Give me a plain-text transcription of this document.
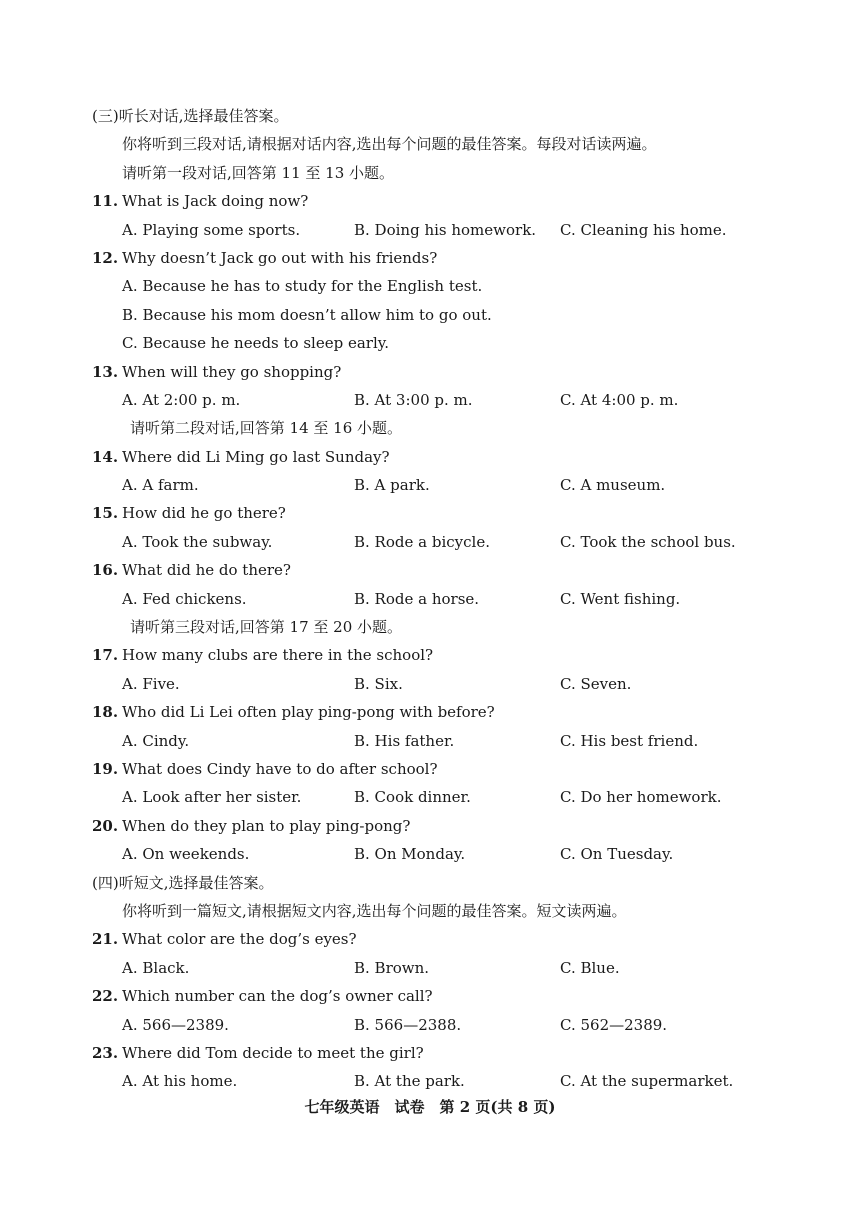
(三)听长对话,选择最佳答案。
你将听到三段对话,请根据对话内容,选出每个问题的最佳答案。每段对话读两遍。
请听第一段对话,回答第 11 至 13 小题。
11. What is Jack doing now?
A. Playing some sports.	B. Doing his homework. C. Cleaning his home.
12. Why doesn’t Jack go out with his friends?
A. Because he has to study for the English test.
B. Because his mom doesn’t allow him to go out.
C. Because he needs to sleep early.
13. When will they go shopping?
A. At 2:00 p. m.	B. At 3:00 p. m.	C. At 4:00 p. m.
请听第二段对话,回答第 14 至 16 小题。
14. Where did Li Ming go last Sunday?
A. A farm.	B. A park.	C. A museum.
15. How did he go there?
A. Took the subway.	B. Rode a bicycle.	C. Took the school bus.
16. What did he do there?
A. Fed chickens.	B. Rode a horse.	C. Went fishing.
请听第三段对话,回答第 17 至 20 小题。
17. How many clubs are there in the school?
A. Five.	B. Six.	C. Seven.
18. Who did Li Lei often play ping-pong with before?
A. Cindy.	B. His father.	C. His best friend.
19. What does Cindy have to do after school?
A. Look after her sister.	B. Cook dinner.	C. Do her homework.
20. When do they plan to play ping-pong?
A. On weekends.	B. On Monday.	C. On Tuesday.
(四)听短文,选择最佳答案。
你将听到一篇短文,请根据短文内容,选出每个问题的最佳答案。短文读两遍。
21. What color are the dog’s eyes?
A. Black.	B. Brown.	C. Blue.
22. Which number can the dog’s owner call?
A. 566—2389.	B. 566—2388.	C. 562—2389.
23. Where did Tom decide to meet the girl?
A. At his home.	B. At the park.	C. At the supermarket.
七年级英语　试卷　第 2 页(共 8 页)
